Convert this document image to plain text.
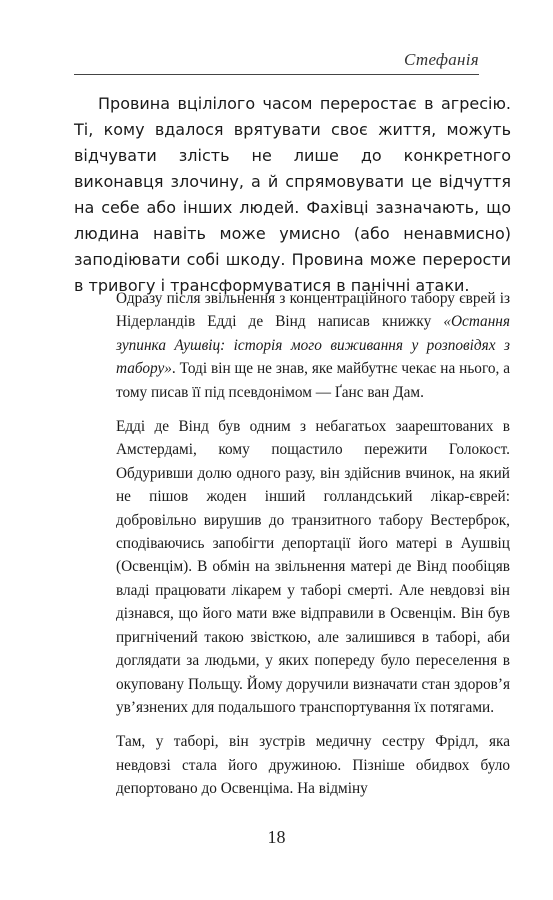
Стефанія

Провина вцілілого часом переростає в агресію. Ті, кому вдалося врятувати своє життя, можуть відчувати злість не лише до конкретного виконавця злочину, а й спрямовувати це відчуття на себе або інших людей. Фахівці зазначають, що людина навіть може умисно (або ненавмисно) заподіювати собі шкоду. Провина може перерости в тривогу і трансформуватися в панічні атаки.

Одразу після звільнення з концентраційного табору єврей із Нідерландів Едді де Вінд написав книжку «Остання зупинка Аушвіц: історія мого виживання у розповідях з табору». Тоді він ще не знав, яке майбутнє чекає на нього, а тому писав її під псевдонімом — Ґанс ван Дам.

Едді де Вінд був одним з небагатьох заарештованих в Амстердамі, кому пощастило пережити Голокост. Обдуривши долю одного разу, він здійснив вчинок, на який не пішов жоден інший голландський лікар-єврей: добровільно вирушив до транзитного табору Вестерброк, сподіваючись запобігти депортації його матері в Аушвіц (Освенцім). В обмін на звільнення матері де Вінд пообіцяв владі працювати лікарем у таборі смерті. Але невдовзі він дізнався, що його мати вже відправили в Освенцім. Він був пригнічений такою звісткою, але залишився в таборі, аби доглядати за людьми, у яких попереду було переселення в окуповану Польщу. Йому доручили визначати стан здоров’я ув’язнених для подальшого транспортування їх потягами.

Там, у таборі, він зустрів медичну сестру Фрідл, яка невдовзі стала його дружиною. Пізніше обидвох було депортовано до Освенціма. На відміну

18
